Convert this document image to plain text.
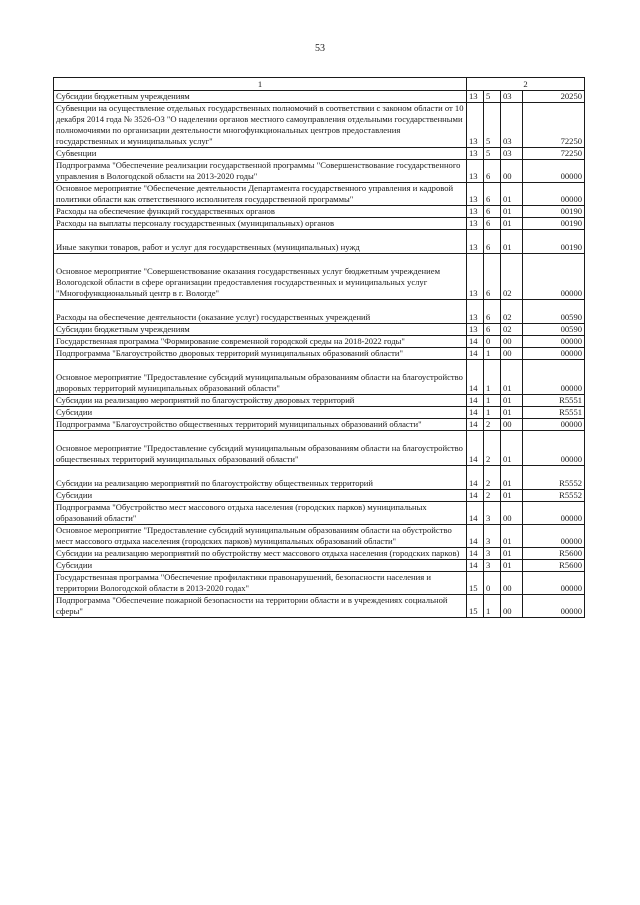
53
1	2			
Субсидии бюджетным учреждениям	13	5	03	20250
Субвенции на осуществление отдельных государственных полномочий в соответствии с законом области от 10 декабря 2014 года № 3526-ОЗ "О наделении органов местного самоуправления отдельными государственными полномочиями по организации деятельности многофункциональных центров предоставления государственных и муниципальных услуг"	13	5	03	72250
Субвенции	13	5	03	72250
Подпрограмма "Обеспечение реализации государственной программы "Совершенствование государственного управления в Вологодской области на 2013-2020 годы"	13	6	00	00000
Основное мероприятие "Обеспечение деятельности Департамента государственного управления и кадровой политики области как ответственного исполнителя государственной программы"	13	6	01	00000
Расходы на обеспечение функций государственных органов	13	6	01	00190
Расходы на выплаты персоналу государственных (муниципальных) органов	13	6	01	00190
Иные закупки товаров, работ и услуг для государственных (муниципальных) нужд	13	6	01	00190
Основное мероприятие "Совершенствование оказания государственных услуг бюджетным учреждением Вологодской области в сфере организации предоставления государственных и муниципальных услуг "Многофункциональный центр в г. Вологде"	13	6	02	00000
Расходы на обеспечение деятельности (оказание услуг) государственных учреждений	13	6	02	00590
Субсидии бюджетным учреждениям	13	6	02	00590
Государственная программа "Формирование современной городской среды на 2018-2022 годы"	14	0	00	00000
Подпрограмма "Благоустройство дворовых территорий муниципальных образований области"	14	1	00	00000
Основное мероприятие "Предоставление субсидий муниципальным образованиям области на благоустройство дворовых территорий муниципальных образований области"	14	1	01	00000
Субсидии на реализацию мероприятий по благоустройству дворовых территорий	14	1	01	R5551
Субсидии	14	1	01	R5551
Подпрограмма "Благоустройство общественных территорий муниципальных образований области"	14	2	00	00000
Основное мероприятие "Предоставление субсидий муниципальным образованиям области на благоустройство общественных территорий муниципальных образований области"	14	2	01	00000
Субсидии на реализацию мероприятий по благоустройству общественных территорий	14	2	01	R5552
Субсидии	14	2	01	R5552
Подпрограмма "Обустройство мест массового отдыха населения (городских парков) муниципальных образований области"	14	3	00	00000
Основное мероприятие "Предоставление субсидий муниципальным образованиям области на обустройство мест массового отдыха населения (городских парков) муниципальных образований области"	14	3	01	00000
Субсидии на реализацию мероприятий по обустройству мест массового отдыха населения (городских парков)	14	3	01	R5600
Субсидии	14	3	01	R5600
Государственная программа "Обеспечение профилактики правонарушений, безопасности населения и территории Вологодской области в 2013-2020 годах"	15	0	00	00000
Подпрограмма "Обеспечение пожарной безопасности на территории области и в учреждениях социальной сферы"	15	1	00	00000
